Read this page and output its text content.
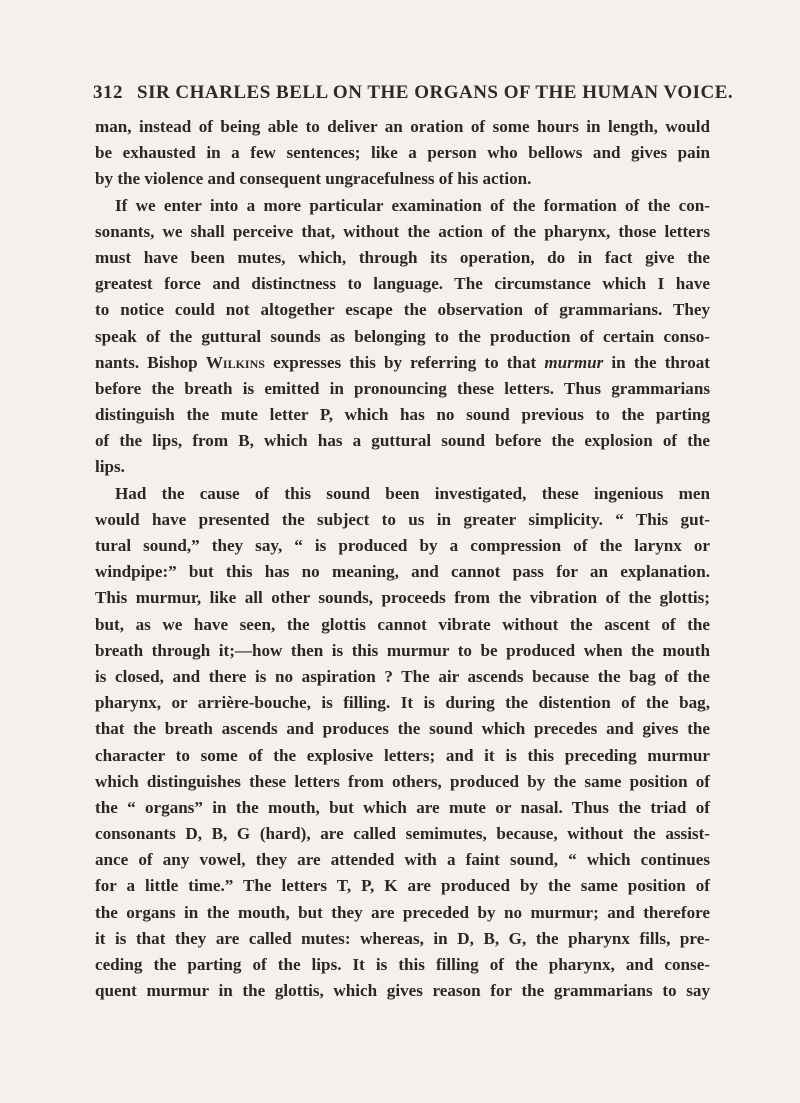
312 SIR CHARLES BELL ON THE ORGANS OF THE HUMAN VOICE.
man, instead of being able to deliver an oration of some hours in length, would
be exhausted in a few sentences; like a person who bellows and gives pain
by the violence and consequent ungracefulness of his action.
If we enter into a more particular examination of the formation of the con-
sonants, we shall perceive that, without the action of the pharynx, those letters
must have been mutes, which, through its operation, do in fact give the
greatest force and distinctness to language. The circumstance which I have
to notice could not altogether escape the observation of grammarians. They
speak of the guttural sounds as belonging to the production of certain conso-
nants. Bishop Wilkins expresses this by referring to that murmur in the throat
before the breath is emitted in pronouncing these letters. Thus grammarians
distinguish the mute letter P, which has no sound previous to the parting
of the lips, from B, which has a guttural sound before the explosion of the
lips.
Had the cause of this sound been investigated, these ingenious men
would have presented the subject to us in greater simplicity. “ This gut-
tural sound,” they say, “ is produced by a compression of the larynx or
windpipe:” but this has no meaning, and cannot pass for an explanation.
This murmur, like all other sounds, proceeds from the vibration of the glottis;
but, as we have seen, the glottis cannot vibrate without the ascent of the
breath through it;—how then is this murmur to be produced when the mouth
is closed, and there is no aspiration ? The air ascends because the bag of the
pharynx, or arrière-bouche, is filling. It is during the distention of the bag,
that the breath ascends and produces the sound which precedes and gives the
character to some of the explosive letters; and it is this preceding murmur
which distinguishes these letters from others, produced by the same position of
the “ organs” in the mouth, but which are mute or nasal. Thus the triad of
consonants D, B, G (hard), are called semimutes, because, without the assist-
ance of any vowel, they are attended with a faint sound, “ which continues
for a little time.” The letters T, P, K are produced by the same position of
the organs in the mouth, but they are preceded by no murmur; and therefore
it is that they are called mutes: whereas, in D, B, G, the pharynx fills, pre-
ceding the parting of the lips. It is this filling of the pharynx, and conse-
quent murmur in the glottis, which gives reason for the grammarians to say
